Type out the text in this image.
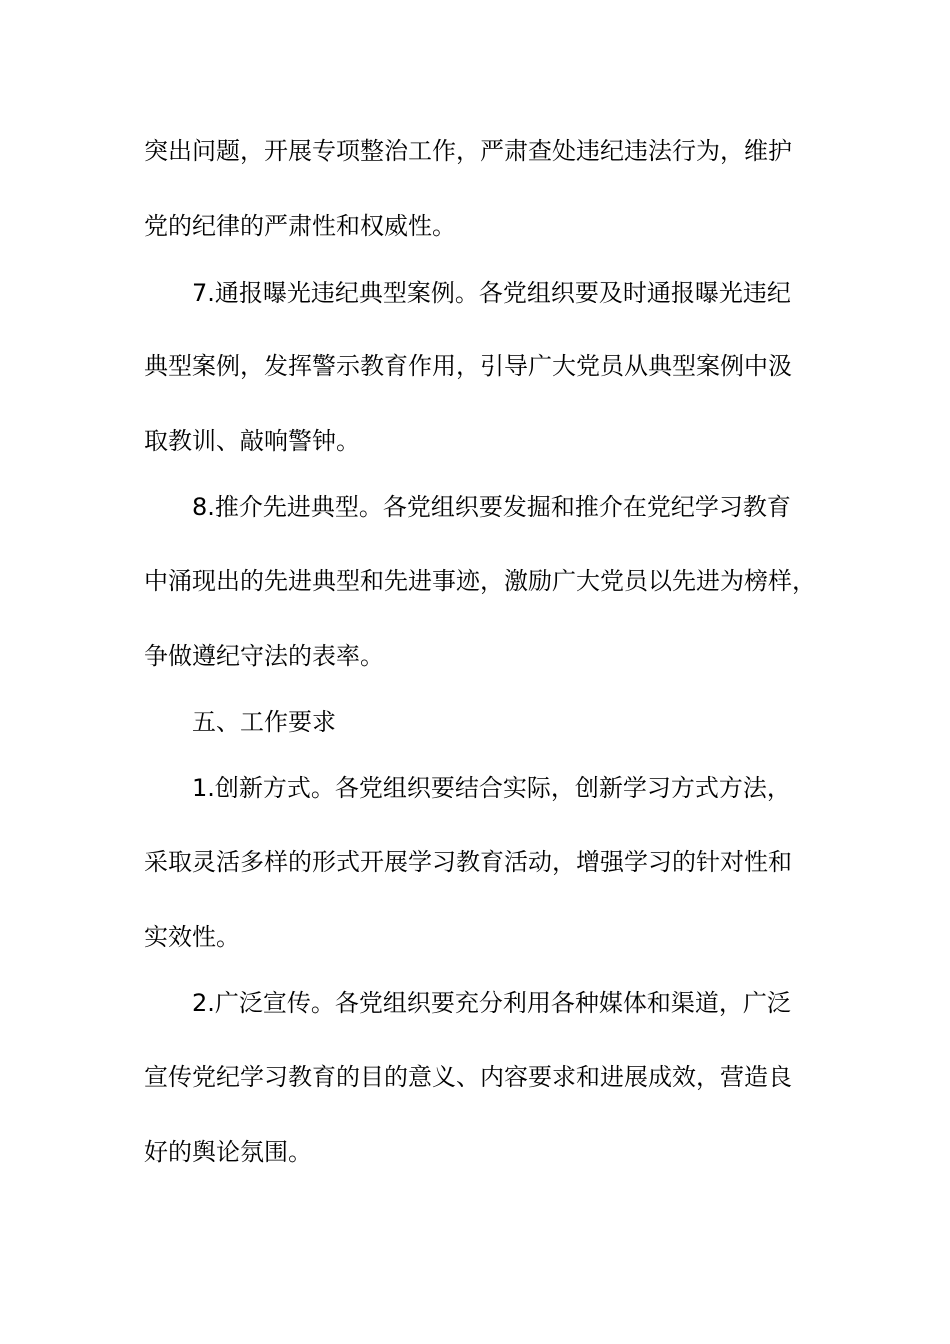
突出问题，开展专项整治工作，严肃查处违纪违法行为，维护
党的纪律的严肃性和权威性。
7.通报曝光违纪典型案例。各党组织要及时通报曝光违纪
典型案例，发挥警示教育作用，引导广大党员从典型案例中汲
取教训、敲响警钟。
8.推介先进典型。各党组织要发掘和推介在党纪学习教育
中涌现出的先进典型和先进事迹，激励广大党员以先进为榜样，
争做遵纪守法的表率。
五、工作要求
1.创新方式。各党组织要结合实际，创新学习方式方法，
采取灵活多样的形式开展学习教育活动，增强学习的针对性和
实效性。
2.广泛宣传。各党组织要充分利用各种媒体和渠道，广泛
宣传党纪学习教育的目的意义、内容要求和进展成效，营造良
好的舆论氛围。
